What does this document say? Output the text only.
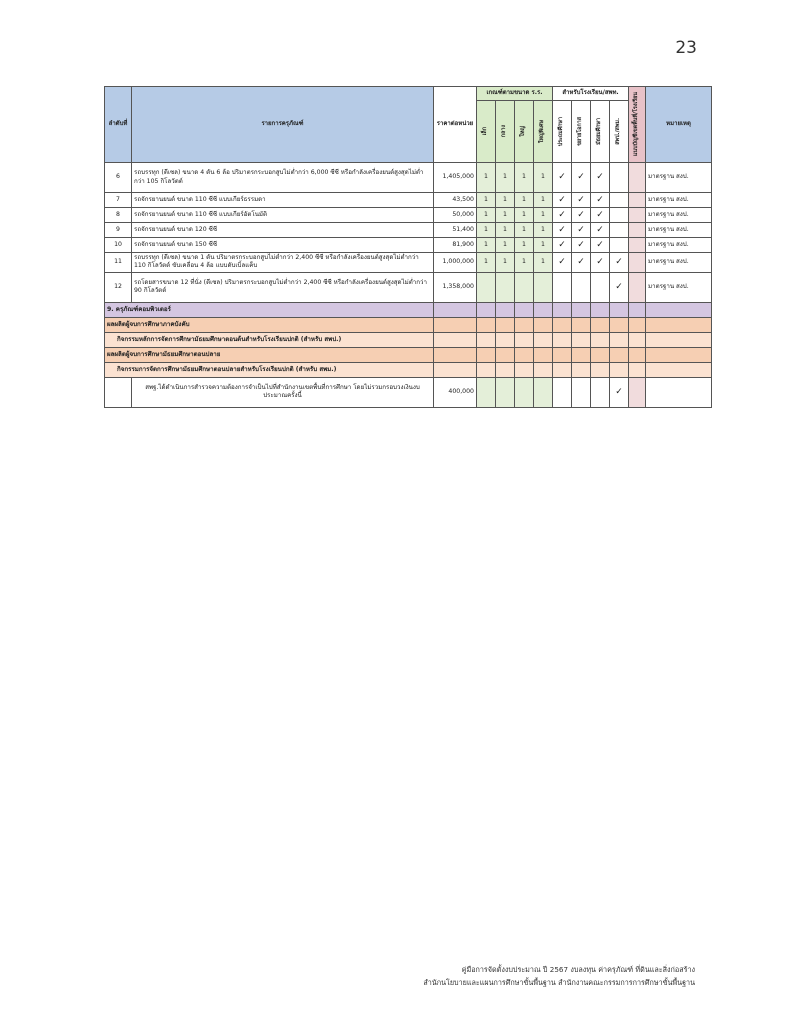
23
ลำดับที่	รายการครุภัณฑ์	ราคาต่อหน่วย	เกณฑ์ตามขนาด ร.ร.				สำหรับโรงเรียน/สพท.				แนบบัญชีเขตพื้นที่/โรงเรียน	หมายเหตุ

			เล็ก	กลาง	ใหญ่	ใหญ่พิเศษ	ประถมศึกษา	ขยายโอกาส	มัธยมศึกษา	สพป./สพม.		

6	รถบรรทุก (ดีเซล) ขนาด 4 ตัน 6 ล้อ ปริมาตรกระบอกสูบไม่ต่ำกว่า 6,000 ซีซี หรือกำลังเครื่องยนต์สูงสุดไม่ต่ำกว่า 105 กิโลวัตต์	1,405,000	1	1	1	1	✓	✓	✓			มาตรฐาน สงป.
7	รถจักรยานยนต์ ขนาด 110 ซีซี แบบเกียร์ธรรมดา	43,500	1	1	1	1	✓	✓	✓			มาตรฐาน สงป.
8	รถจักรยานยนต์ ขนาด 110 ซีซี แบบเกียร์อัตโนมัติ	50,000	1	1	1	1	✓	✓	✓			มาตรฐาน สงป.
9	รถจักรยานยนต์ ขนาด 120 ซีซี	51,400	1	1	1	1	✓	✓	✓			มาตรฐาน สงป.
10	รถจักรยานยนต์ ขนาด 150 ซีซี	81,900	1	1	1	1	✓	✓	✓			มาตรฐาน สงป.
11	รถบรรทุก (ดีเซล) ขนาด 1 ตัน ปริมาตรกระบอกสูบไม่ต่ำกว่า 2,400 ซีซี หรือกำลังเครื่องยนต์สูงสุดไม่ต่ำกว่า 110 กิโลวัตต์ ขับเคลื่อน 4 ล้อ แบบดับเบิ้ลแค็บ	1,000,000	1	1	1	1	✓	✓	✓	✓		มาตรฐาน สงป.
12	รถโดยสารขนาด 12 ที่นั่ง (ดีเซล) ปริมาตรกระบอกสูบไม่ต่ำกว่า 2,400 ซีซี หรือกำลังเครื่องยนต์สูงสุดไม่ต่ำกว่า 90 กิโลวัตต์	1,358,000								✓		มาตรฐาน สงป.
9. ครุภัณฑ์คอมพิวเตอร์												
ผลผลิตผู้จบการศึกษาภาคบังคับ												
กิจกรรมหลักการจัดการศึกษามัธยมศึกษาตอนต้นสำหรับโรงเรียนปกติ (สำหรับ สพป.)												
ผลผลิตผู้จบการศึกษามัธยมศึกษาตอนปลาย												
กิจกรรมการจัดการศึกษามัธยมศึกษาตอนปลายสำหรับโรงเรียนปกติ (สำหรับ สพม.)												
	สพฐ.ได้ดำเนินการสำรวจความต้องการจำเป็นไปที่สำนักงานเขตพื้นที่การศึกษา โดยไม่รวมกรอบวงเงินงบประมาณครั้งนี้	400,000								✓		
คู่มือการจัดตั้งงบประมาณ ปี 2567 งบลงทุน ค่าครุภัณฑ์ ที่ดินและสิ่งก่อสร้าง
สำนักนโยบายและแผนการศึกษาขั้นพื้นฐาน สำนักงานคณะกรรมการการศึกษาขั้นพื้นฐาน
